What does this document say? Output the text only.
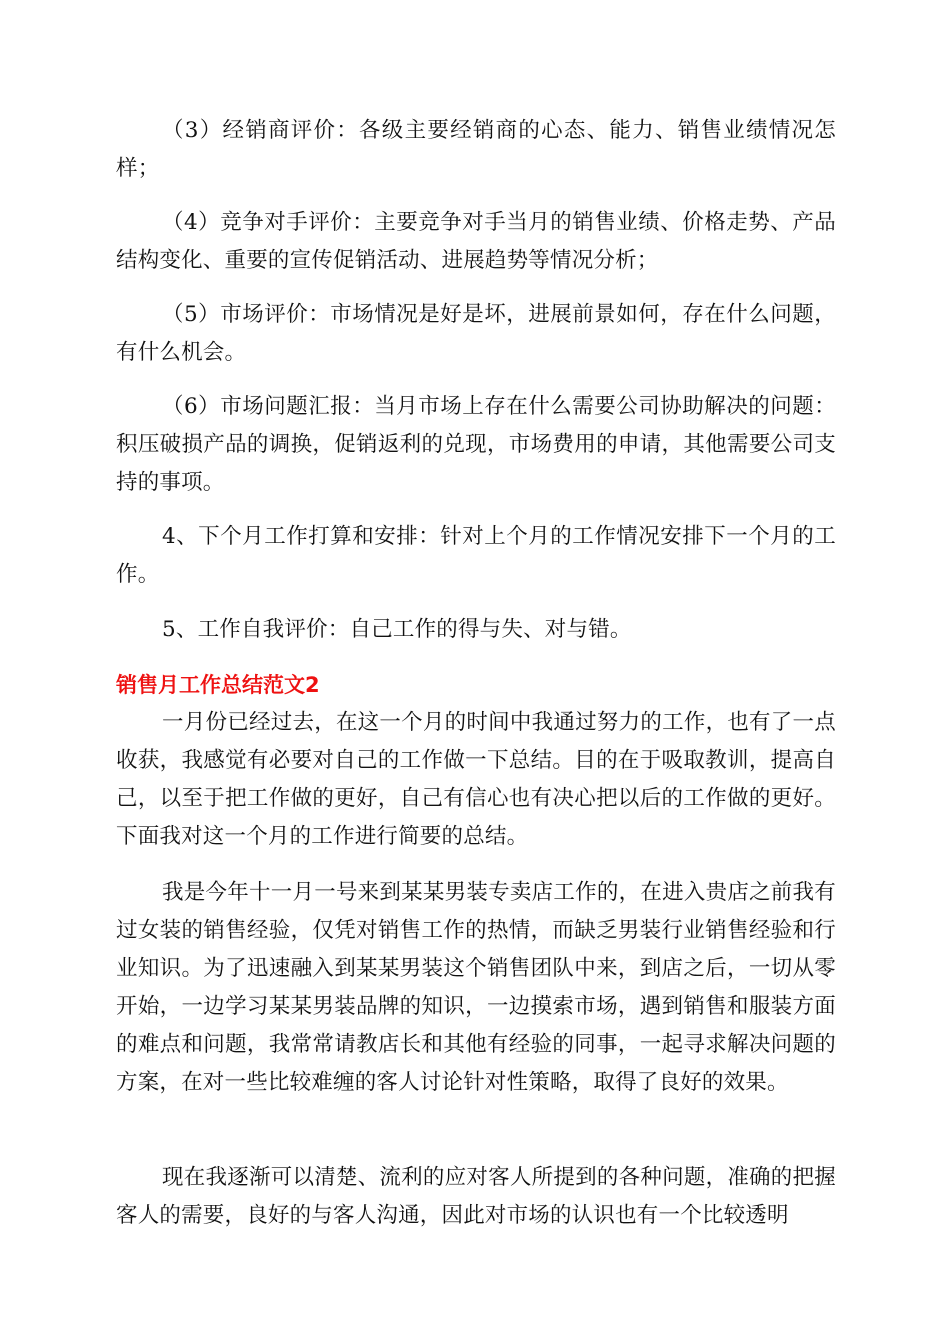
（3）经销商评价：各级主要经销商的心态、能力、销售业绩情况怎样；

（4）竞争对手评价：主要竞争对手当月的销售业绩、价格走势、产品结构变化、重要的宣传促销活动、进展趋势等情况分析；

（5）市场评价：市场情况是好是坏，进展前景如何，存在什么问题，有什么机会。

（6）市场问题汇报：当月市场上存在什么需要公司协助解决的问题：积压破损产品的调换，促销返利的兑现，市场费用的申请，其他需要公司支持的事项。

4、下个月工作打算和安排：针对上个月的工作情况安排下一个月的工作。

5、工作自我评价：自己工作的得与失、对与错。

销售月工作总结范文2

一月份已经过去，在这一个月的时间中我通过努力的工作，也有了一点收获，我感觉有必要对自己的工作做一下总结。目的在于吸取教训，提高自己，以至于把工作做的更好，自己有信心也有决心把以后的工作做的更好。下面我对这一个月的工作进行简要的总结。

我是今年十一月一号来到某某男装专卖店工作的，在进入贵店之前我有过女装的销售经验，仅凭对销售工作的热情，而缺乏男装行业销售经验和行业知识。为了迅速融入到某某男装这个销售团队中来，到店之后，一切从零开始，一边学习某某男装品牌的知识，一边摸索市场，遇到销售和服装方面的难点和问题，我常常请教店长和其他有经验的同事，一起寻求解决问题的方案，在对一些比较难缠的客人讨论针对性策略，取得了良好的效果。

现在我逐渐可以清楚、流利的应对客人所提到的各种问题，准确的把握客人的需要，良好的与客人沟通，因此对市场的认识也有一个比较透明
